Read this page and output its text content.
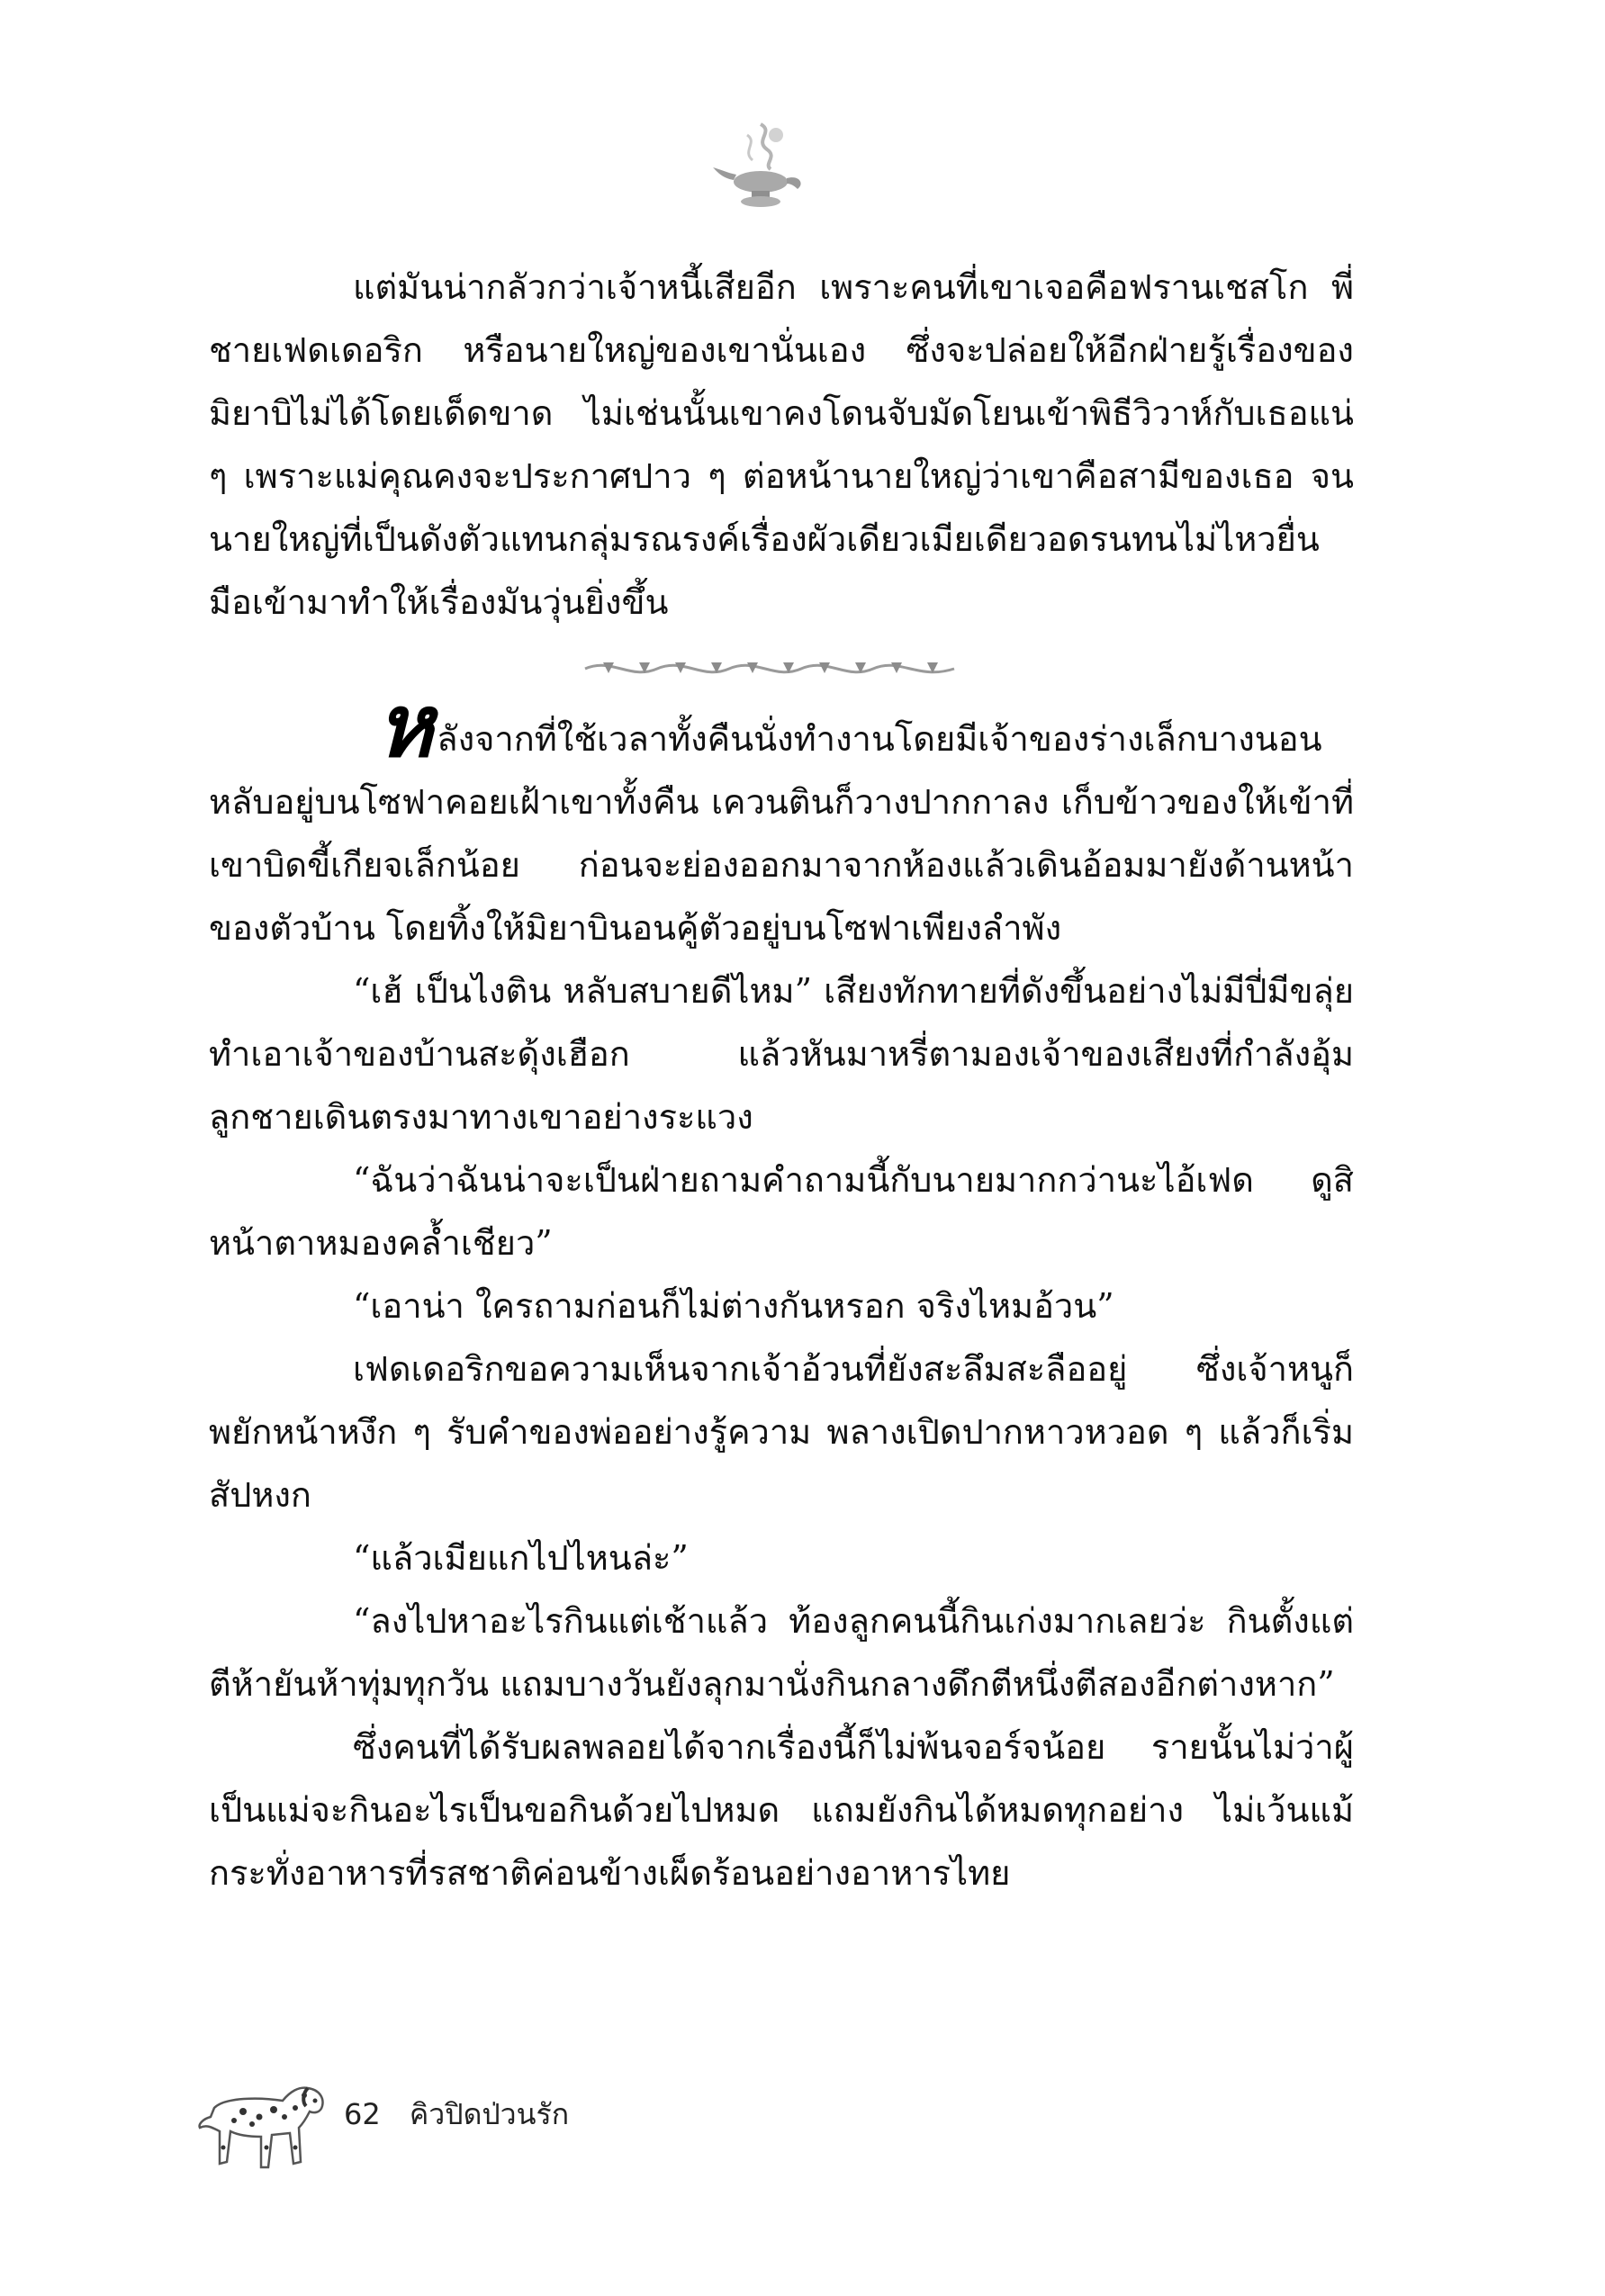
แต่มันน่ากลัวกว่าเจ้าหนี้เสียอีก เพราะคนที่เขาเจอคือฟรานเชสโก พี่ชายเฟดเดอริก หรือนายใหญ่ของเขานั่นเอง ซึ่งจะปล่อยให้อีกฝ่ายรู้เรื่องของมิยาบิไม่ได้โดยเด็ดขาด ไม่เช่นนั้นเขาคงโดนจับมัดโยนเข้าพิธีวิวาห์กับเธอแน่ ๆ เพราะแม่คุณคงจะประกาศปาว ๆ ต่อหน้านายใหญ่ว่าเขาคือสามีของเธอ จนนายใหญ่ที่เป็นดังตัวแทนกลุ่มรณรงค์เรื่องผัวเดียวเมียเดียวอดรนทนไม่ไหวยื่นมือเข้ามาทำให้เรื่องมันวุ่นยิ่งขึ้น

หลังจากที่ใช้เวลาทั้งคืนนั่งทำงานโดยมีเจ้าของร่างเล็กบางนอนหลับอยู่บนโซฟาคอยเฝ้าเขาทั้งคืน เควนตินก็วางปากกาลง เก็บข้าวของให้เข้าที่ เขาบิดขี้เกียจเล็กน้อย ก่อนจะย่องออกมาจากห้องแล้วเดินอ้อมมายังด้านหน้าของตัวบ้าน โดยทิ้งให้มิยาบินอนคู้ตัวอยู่บนโซฟาเพียงลำพัง

“เฮ้ เป็นไงติน หลับสบายดีไหม” เสียงทักทายที่ดังขึ้นอย่างไม่มีปี่มีขลุ่ยทำเอาเจ้าของบ้านสะดุ้งเฮือก แล้วหันมาหรี่ตามองเจ้าของเสียงที่กำลังอุ้มลูกชายเดินตรงมาทางเขาอย่างระแวง

“ฉันว่าฉันน่าจะเป็นฝ่ายถามคำถามนี้กับนายมากกว่านะไอ้เฟด ดูสิ หน้าตาหมองคล้ำเชียว”

“เอาน่า ใครถามก่อนก็ไม่ต่างกันหรอก จริงไหมอ้วน”

เฟดเดอริกขอความเห็นจากเจ้าอ้วนที่ยังสะลึมสะลืออยู่ ซึ่งเจ้าหนูก็พยักหน้าหงึก ๆ รับคำของพ่ออย่างรู้ความ พลางเปิดปากหาวหวอด ๆ แล้วก็เริ่มสัปหงก

“แล้วเมียแกไปไหนล่ะ”

“ลงไปหาอะไรกินแต่เช้าแล้ว ท้องลูกคนนี้กินเก่งมากเลยว่ะ กินตั้งแต่ตีห้ายันห้าทุ่มทุกวัน แถมบางวันยังลุกมานั่งกินกลางดึกตีหนึ่งตีสองอีกต่างหาก”

ซึ่งคนที่ได้รับผลพลอยได้จากเรื่องนี้ก็ไม่พ้นจอร์จน้อย รายนั้นไม่ว่าผู้เป็นแม่จะกินอะไรเป็นขอกินด้วยไปหมด แถมยังกินได้หมดทุกอย่าง ไม่เว้นแม้กระทั่งอาหารที่รสชาติค่อนข้างเผ็ดร้อนอย่างอาหารไทย

62 คิวปิดป่วนรัก
